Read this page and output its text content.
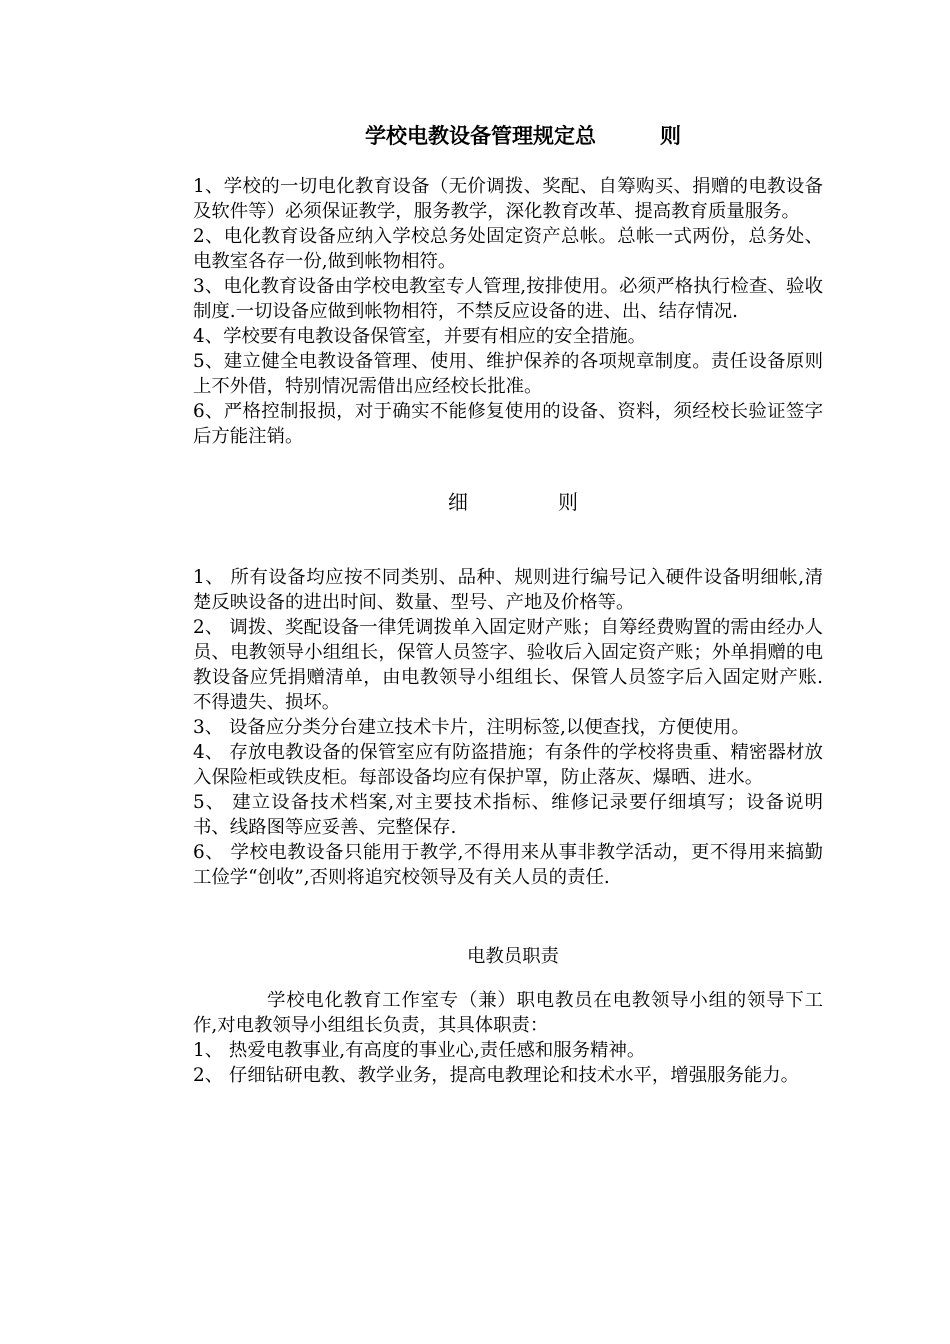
学校电教设备管理规定总	则

1、学校的一切电化教育设备（无价调拨、奖配、自筹购买、捐赠的电教设备及软件等）必须保证教学，服务教学，深化教育改革、提高教育质量服务。

2、电化教育设备应纳入学校总务处固定资产总帐。总帐一式两份，总务处、电教室各存一份,做到帐物相符。

3、电化教育设备由学校电教室专人管理,按排使用。必须严格执行检查、验收制度.一切设备应做到帐物相符，不禁反应设备的进、出、结存情况.

4、学校要有电教设备保管室，并要有相应的安全措施。

5、建立健全电教设备管理、使用、维护保养的各项规章制度。责任设备原则上不外借，特别情况需借出应经校长批准。

6、严格控制报损，对于确实不能修复使用的设备、资料，须经校长验证签字后方能注销。

细	则

1、 所有设备均应按不同类别、品种、规则进行编号记入硬件设备明细帐,清楚反映设备的进出时间、数量、型号、产地及价格等。

2、 调拨、奖配设备一律凭调拨单入固定财产账；自筹经费购置的需由经办人员、电教领导小组组长，保管人员签字、验收后入固定资产账；外单捐赠的电教设备应凭捐赠清单，由电教领导小组组长、保管人员签字后入固定财产账.不得遗失、损坏。

3、 设备应分类分台建立技术卡片，注明标签,以便查找，方便使用。

4、 存放电教设备的保管室应有防盗措施；有条件的学校将贵重、精密器材放入保险柜或铁皮柜。每部设备均应有保护罩，防止落灰、爆晒、进水。

5、 建立设备技术档案,对主要技术指标、维修记录要仔细填写；设备说明书、线路图等应妥善、完整保存.

6、 学校电教设备只能用于教学,不得用来从事非教学活动，更不得用来搞勤工俭学“创收”,否则将追究校领导及有关人员的责任.

电教员职责

学校电化教育工作室专（兼）职电教员在电教领导小组的领导下工作,对电教领导小组组长负责，其具体职责：

1、 热爱电教事业,有高度的事业心,责任感和服务精神。

2、 仔细钻研电教、教学业务，提高电教理论和技术水平，增强服务能力。
